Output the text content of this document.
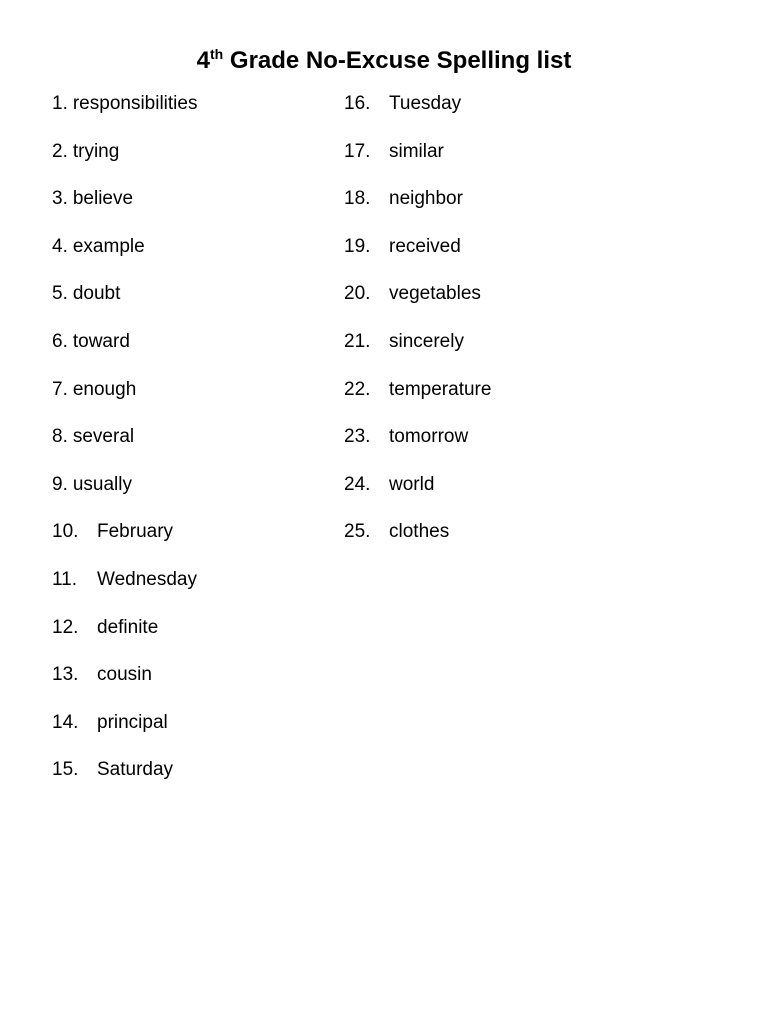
4th Grade No-Excuse Spelling list
1. responsibilities
2. trying
3. believe
4. example
5. doubt
6. toward
7. enough
8. several
9. usually
10. February
11. Wednesday
12. definite
13. cousin
14. principal
15. Saturday
16. Tuesday
17. similar
18. neighbor
19. received
20. vegetables
21. sincerely
22. temperature
23. tomorrow
24. world
25. clothes
